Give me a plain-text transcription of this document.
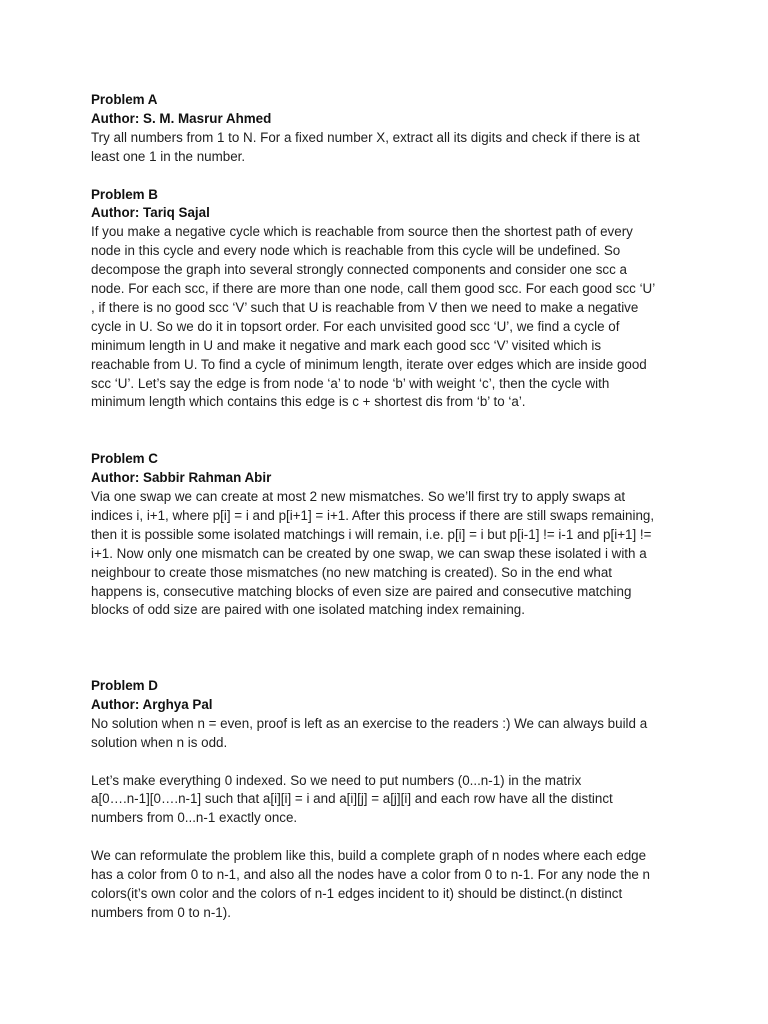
Problem A
Author: S. M. Masrur Ahmed
Try all numbers from 1 to N. For a fixed number X, extract all its digits and check if there is at
least one 1 in the number.
Problem B
Author: Tariq Sajal
If you make a negative cycle which is reachable from source then the shortest path of every
node in this cycle and every node which is reachable from this cycle will be undefined. So
decompose the graph into several strongly connected components and consider one scc a
node. For each scc, if there are more than one node, call them good scc. For each good scc ‘U’
, if there is no good scc ‘V’ such that U is reachable from V then we need to make a negative
cycle in U. So we do it in topsort order. For each unvisited good scc ‘U’, we find a cycle of
minimum length in U and make it negative and mark each good scc ‘V’ visited which is
reachable from U. To find a cycle of minimum length, iterate over edges which are inside good
scc ‘U’. Let’s say the edge is from node ‘a’ to node ‘b’ with weight ‘c’, then the cycle with
minimum length which contains this edge is c + shortest dis from ‘b’ to ‘a’.
Problem C
Author: Sabbir Rahman Abir
Via one swap we can create at most 2 new mismatches. So we’ll first try to apply swaps at
indices i, i+1, where p[i] = i and p[i+1] = i+1. After this process if there are still swaps remaining,
then it is possible some isolated matchings i will remain, i.e. p[i] = i but p[i-1] != i-1 and p[i+1] !=
i+1. Now only one mismatch can be created by one swap, we can swap these isolated i with a
neighbour to create those mismatches (no new matching is created). So in the end what
happens is, consecutive matching blocks of even size are paired and consecutive matching
blocks of odd size are paired with one isolated matching index remaining.
Problem D
Author: Arghya Pal
No solution when n = even, proof is left as an exercise to the readers :) We can always build a
solution when n is odd.
Let’s make everything 0 indexed. So we need to put numbers (0...n-1) in the matrix
a[0….n-1][0….n-1] such that a[i][i] = i and a[i][j] = a[j][i] and each row have all the distinct
numbers from 0...n-1 exactly once.
We can reformulate the problem like this, build a complete graph of n nodes where each edge
has a color from 0 to n-1, and also all the nodes have a color from 0 to n-1. For any node the n
colors(it’s own color and the colors of n-1 edges incident to it) should be distinct.(n distinct
numbers from 0 to n-1).
